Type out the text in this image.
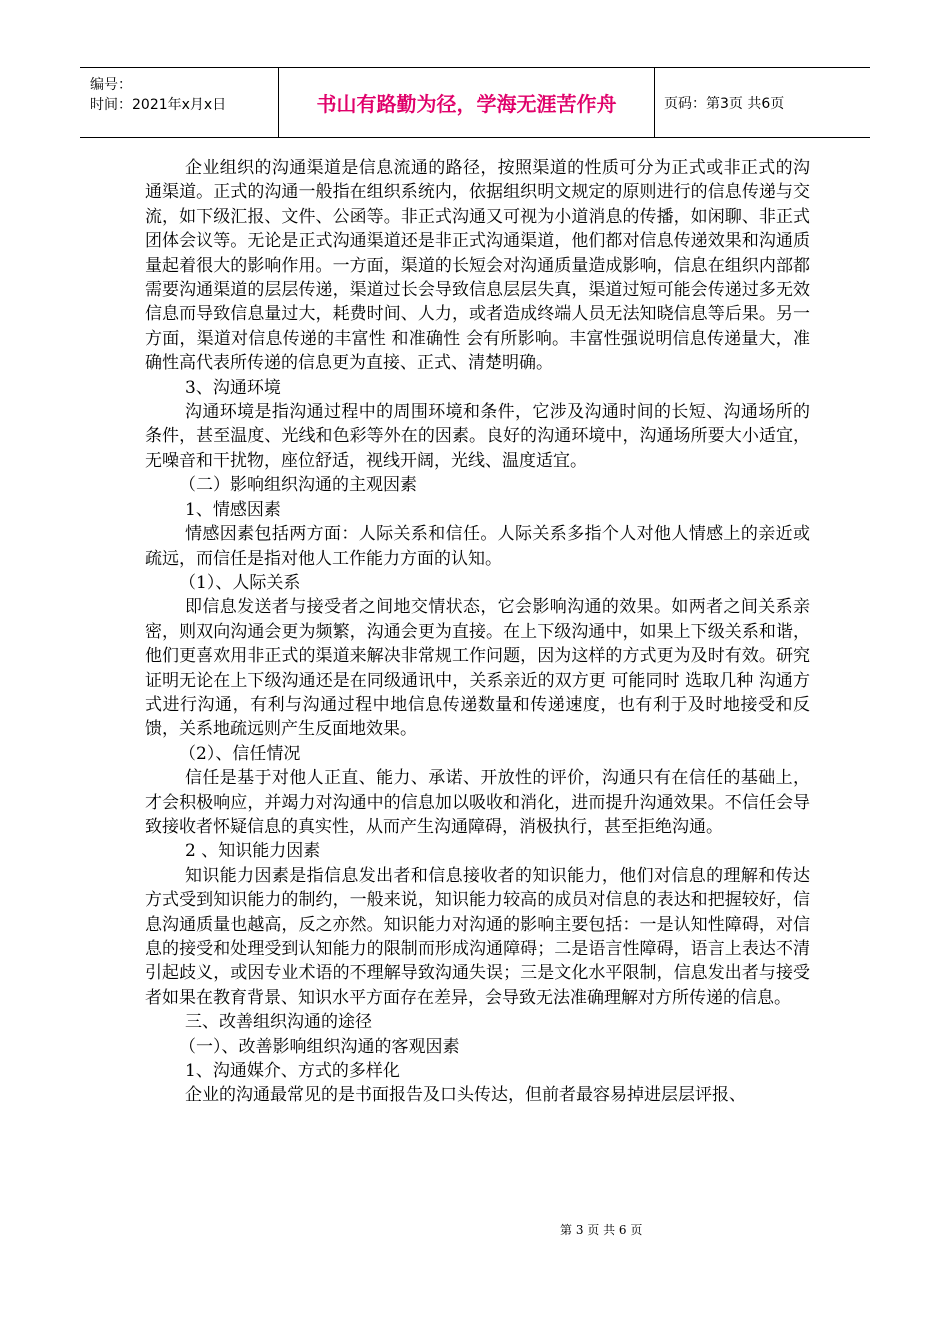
编号：
时间：2021年x月x日	书山有路勤为径，学海无涯苦作舟	页码：第3页 共6页

企业组织的沟通渠道是信息流通的路径，按照渠道的性质可分为正式或非正式的沟通渠道。正式的沟通一般指在组织系统内，依据组织明文规定的原则进行的信息传递与交流，如下级汇报、文件、公函等。非正式沟通又可视为小道消息的传播，如闲聊、非正式团体会议等。无论是正式沟通渠道还是非正式沟通渠道，他们都对信息传递效果和沟通质量起着很大的影响作用。一方面，渠道的长短会对沟通质量造成影响，信息在组织内部都需要沟通渠道的层层传递，渠道过长会导致信息层层失真，渠道过短可能会传递过多无效信息而导致信息量过大，耗费时间、人力，或者造成终端人员无法知晓信息等后果。另一方面，渠道对信息传递的丰富性 和准确性 会有所影响。丰富性强说明信息传递量大，准确性高代表所传递的信息更为直接、正式、清楚明确。

3、沟通环境

沟通环境是指沟通过程中的周围环境和条件，它涉及沟通时间的长短、沟通场所的条件，甚至温度、光线和色彩等外在的因素。良好的沟通环境中，沟通场所要大小适宜，无噪音和干扰物，座位舒适，视线开阔，光线、温度适宜。

（二）影响组织沟通的主观因素

1、情感因素

情感因素包括两方面：人际关系和信任。人际关系多指个人对他人情感上的亲近或疏远，而信任是指对他人工作能力方面的认知。

（1）、人际关系

即信息发送者与接受者之间地交情状态，它会影响沟通的效果。如两者之间关系亲密，则双向沟通会更为频繁，沟通会更为直接。在上下级沟通中，如果上下级关系和谐，他们更喜欢用非正式的渠道来解决非常规工作问题，因为这样的方式更为及时有效。研究证明无论在上下级沟通还是在同级通讯中，关系亲近的双方更 可能同时 选取几种 沟通方式进行沟通，有利与沟通过程中地信息传递数量和传递速度，也有利于及时地接受和反馈，关系地疏远则产生反面地效果。

（2）、信任情况

信任是基于对他人正直、能力、承诺、开放性的评价，沟通只有在信任的基础上，才会积极响应，并竭力对沟通中的信息加以吸收和消化，进而提升沟通效果。不信任会导致接收者怀疑信息的真实性，从而产生沟通障碍，消极执行，甚至拒绝沟通。

2 、知识能力因素

知识能力因素是指信息发出者和信息接收者的知识能力，他们对信息的理解和传达方式受到知识能力的制约，一般来说，知识能力较高的成员对信息的表达和把握较好，信息沟通质量也越高，反之亦然。知识能力对沟通的影响主要包括：一是认知性障碍，对信息的接受和处理受到认知能力的限制而形成沟通障碍；二是语言性障碍，语言上表达不清引起歧义，或因专业术语的不理解导致沟通失误；三是文化水平限制，信息发出者与接受者如果在教育背景、知识水平方面存在差异，会导致无法准确理解对方所传递的信息。

三、改善组织沟通的途径

（一）、改善影响组织沟通的客观因素

1、沟通媒介、方式的多样化

企业的沟通最常见的是书面报告及口头传达，但前者最容易掉进层层评报、

第 3 页 共 6 页
